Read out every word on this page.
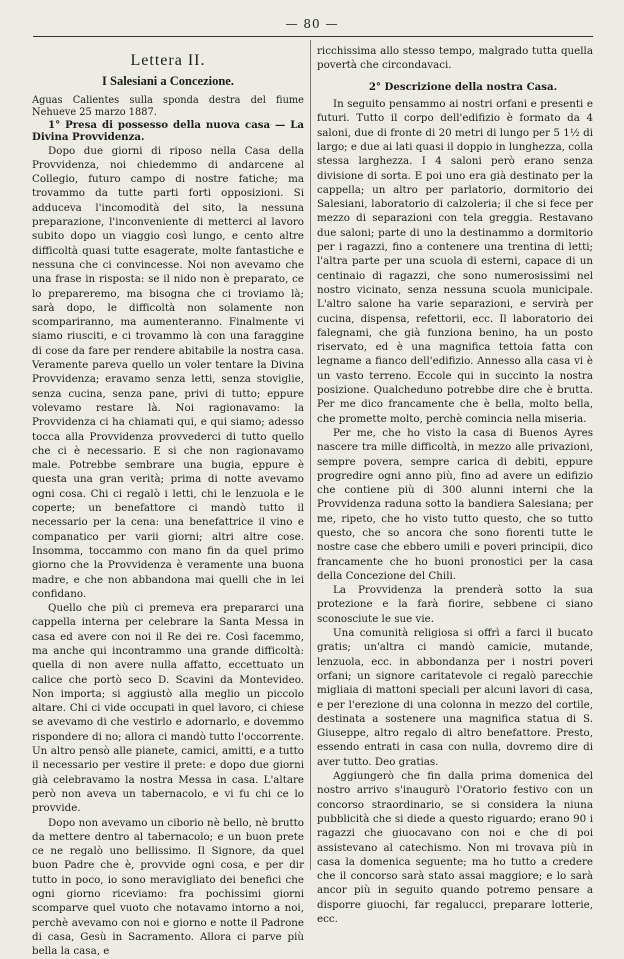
— 80 —
Lettera II.
I Salesiani a Concezione.

Aguas Calientes sulla sponda destra del fiume Nehueve 25 marzo 1887.

1° Presa di possesso della nuova casa — La Divina Provvidenza.

Dopo due giorni di riposo nella Casa della Provvidenza, noi chiedemmo di andarcene al Collegio, futuro campo di nostre fatiche; ma trovammo da tutte parti forti opposizioni. Si adduceva l'incomodità del sito, la nessuna preparazione, l'inconveniente di metterci al lavoro subito dopo un viaggio così lungo, e cento altre difficoltà quasi tutte esagerate, molte fantastiche e nessuna che ci convincesse. Noi non avevamo che una frase in risposta: se il nido non è preparato, ce lo prepareremo, ma bisogna che ci troviamo là; sarà dopo, le difficoltà non solamente non scompariranno, ma aumenteranno. Finalmente vi siamo riusciti, e ci trovammo là con una faraggine di cose da fare per rendere abitabile la nostra casa. Veramente pareva quello un voler tentare la Divina Provvidenza; eravamo senza letti, senza stoviglie, senza cucina, senza pane, privi di tutto; eppure volevamo restare là. Noi ragionavamo: la Provvidenza ci ha chiamati qui, e qui siamo; adesso tocca alla Provvidenza provvederci di tutto quello che ci è necessario. E si che non ragionavamo male. Potrebbe sembrare una bugia, eppure è questa una gran verità; prima di notte avevamo ogni cosa. Chi ci regalò i letti, chi le lenzuola e le coperte; un benefattore ci mandò tutto il necessario per la cena: una benefattrice il vino e companatico per varii giorni; altri altre cose. Insomma, toccammo con mano fin da quel primo giorno che la Provvidenza è veramente una buona madre, e che non abbandona mai quelli che in lei confidano.

Quello che più ci premeva era prepararci una cappella interna per celebrare la Santa Messa in casa ed avere con noi il Re dei re. Così facemmo, ma anche qui incontrammo una grande difficoltà: quella di non avere nulla affatto, eccettuato un calice che portò seco D. Scavini da Montevideo. Non importa; si aggiustò alla meglio un piccolo altare. Chi ci vide occupati in quel lavoro, ci chiese se avevamo di che vestirlo e adornarlo, e dovemmo rispondere di no; allora ci mandò tutto l'occorrente. Un altro pensò alle pianete, camici, amitti, e a tutto il necessario per vestire il prete: e dopo due giorni già celebravamo la nostra Messa in casa. L'altare però non aveva un tabernacolo, e vi fu chi ce lo provvide.

Dopo non avevamo un ciborio nè bello, nè brutto da mettere dentro al tabernacolo; e un buon prete ce ne regalò uno bellissimo. Il Signore, da quel buon Padre che è, provvide ogni cosa, e per dir tutto in poco, io sono meravigliato dei benefici che ogni giorno riceviamo: fra pochissimi giorni scomparve quel vuoto che notavamo intorno a noi, perchè avevamo con noi e giorno e notte il Padrone di casa, Gesù in Sacramento. Allora ci parve più bella la casa, e

ricchissima allo stesso tempo, malgrado tutta quella povertà che circondavaci.

2° Descrizione della nostra Casa.

In seguito pensammo ai nostri orfani e presenti e futuri. Tutto il corpo dell'edifizio è formato da 4 saloni, due di fronte di 20 metri di lungo per 5 1½ di largo; e due ai lati quasi il doppio in lunghezza, colla stessa larghezza. I 4 saloni però erano senza divisione di sorta. E poi uno era già destinato per la cappella; un altro per parlatorio, dormitorio dei Salesiani, laboratorio di calzoleria; il che si fece per mezzo di separazioni con tela greggia. Restavano due saloni; parte di uno la destinammo a dormitorio per i ragazzi, fino a contenere una trentina di letti; l'altra parte per una scuola di esterni, capace di un centinaio di ragazzi, che sono numerosissimi nel nostro vicinato, senza nessuna scuola municipale. L'altro salone ha varie separazioni, e servirà per cucina, dispensa, refettorii, ecc. Il laboratorio dei falegnami, che già funziona benino, ha un posto riservato, ed è una magnifica tettoia fatta con legname a fianco dell'edifizio. Annesso alla casa vi è un vasto terreno. Eccole qui in succinto la nostra posizione. Qualcheduno potrebbe dire che è brutta. Per me dico francamente che è bella, molto bella, che promette molto, perchè comincia nella miseria.

Per me, che ho visto la casa di Buenos Ayres nascere tra mille difficoltà, in mezzo alle privazioni, sempre povera, sempre carica di debiti, eppure progredire ogni anno più, fino ad avere un edifizio che contiene più di 300 alunni interni che la Provvidenza raduna sotto la bandiera Salesiana; per me, ripeto, che ho visto tutto questo, che so tutto questo, che so ancora che sono fiorenti tutte le nostre case che ebbero umili e poveri principii, dico francamente che ho buoni pronostici per la casa della Concezione del Chili.

La Provvidenza la prenderà sotto la sua protezione e la farà fiorire, sebbene ci siano sconosciute le sue vie.

Una comunità religiosa si offrì a farci il bucato gratis; un'altra ci mandò camicie, mutande, lenzuola, ecc. in abbondanza per i nostri poveri orfani; un signore caritatevole ci regalò parecchie migliaia di mattoni speciali per alcuni lavori di casa, e per l'erezione di una colonna in mezzo del cortile, destinata a sostenere una magnifica statua di S. Giuseppe, altro regalo di altro benefattore. Presto, essendo entrati in casa con nulla, dovremo dire di aver tutto. Deo gratias.

Aggiungerò che fin dalla prima domenica del nostro arrivo s'inaugurò l'Oratorio festivo con un concorso straordinario, se si considera la niuna pubblicità che si diede a questo riguardo; erano 90 i ragazzi che giuocavano con noi e che di poi assistevano al catechismo. Non mi trovava più in casa la domenica seguente; ma ho tutto a credere che il concorso sarà stato assai maggiore; e lo sarà ancor più in seguito quando potremo pensare a disporre giuochi, far regalucci, preparare lotterie, ecc.
